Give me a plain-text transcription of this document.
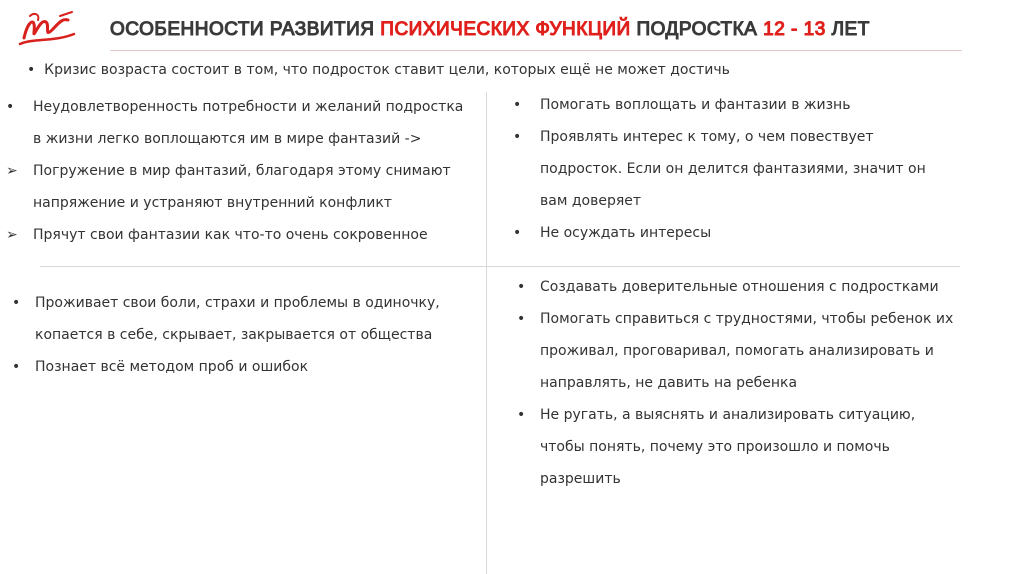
ОСОБЕННОСТИ РАЗВИТИЯ ПСИХИЧЕСКИХ ФУНКЦИЙ ПОДРОСТКА 12 - 13 ЛЕТ
•  Кризис возраста состоит в том, что подросток ставит цели, которых ещё не может достичь
•	Неудовлетворенность потребности и желаний подростка
в жизни легко воплощаются им в мире фантазий ->
➢	Погружение в мир фантазий, благодаря этому снимают
напряжение и устраняют внутренний конфликт
➢	Прячут свои фантазии как что-то очень сокровенное
•	Помогать воплощать и фантазии в жизнь
•	Проявлять интерес к тому, о чем повествует
подросток. Если он делится фантазиями, значит он
вам доверяет
•	Не осуждать интересы
•	Проживает свои боли, страхи и проблемы в одиночку,
копается в себе, скрывает, закрывается от общества
•	Познает всё методом проб и ошибок
•	Создавать доверительные отношения с подростками
•	Помогать справиться с трудностями, чтобы ребенок их
проживал, проговаривал, помогать анализировать и
направлять, не давить на ребенка
•	Не ругать, а выяснять и анализировать ситуацию,
чтобы понять, почему это произошло и помочь
разрешить
